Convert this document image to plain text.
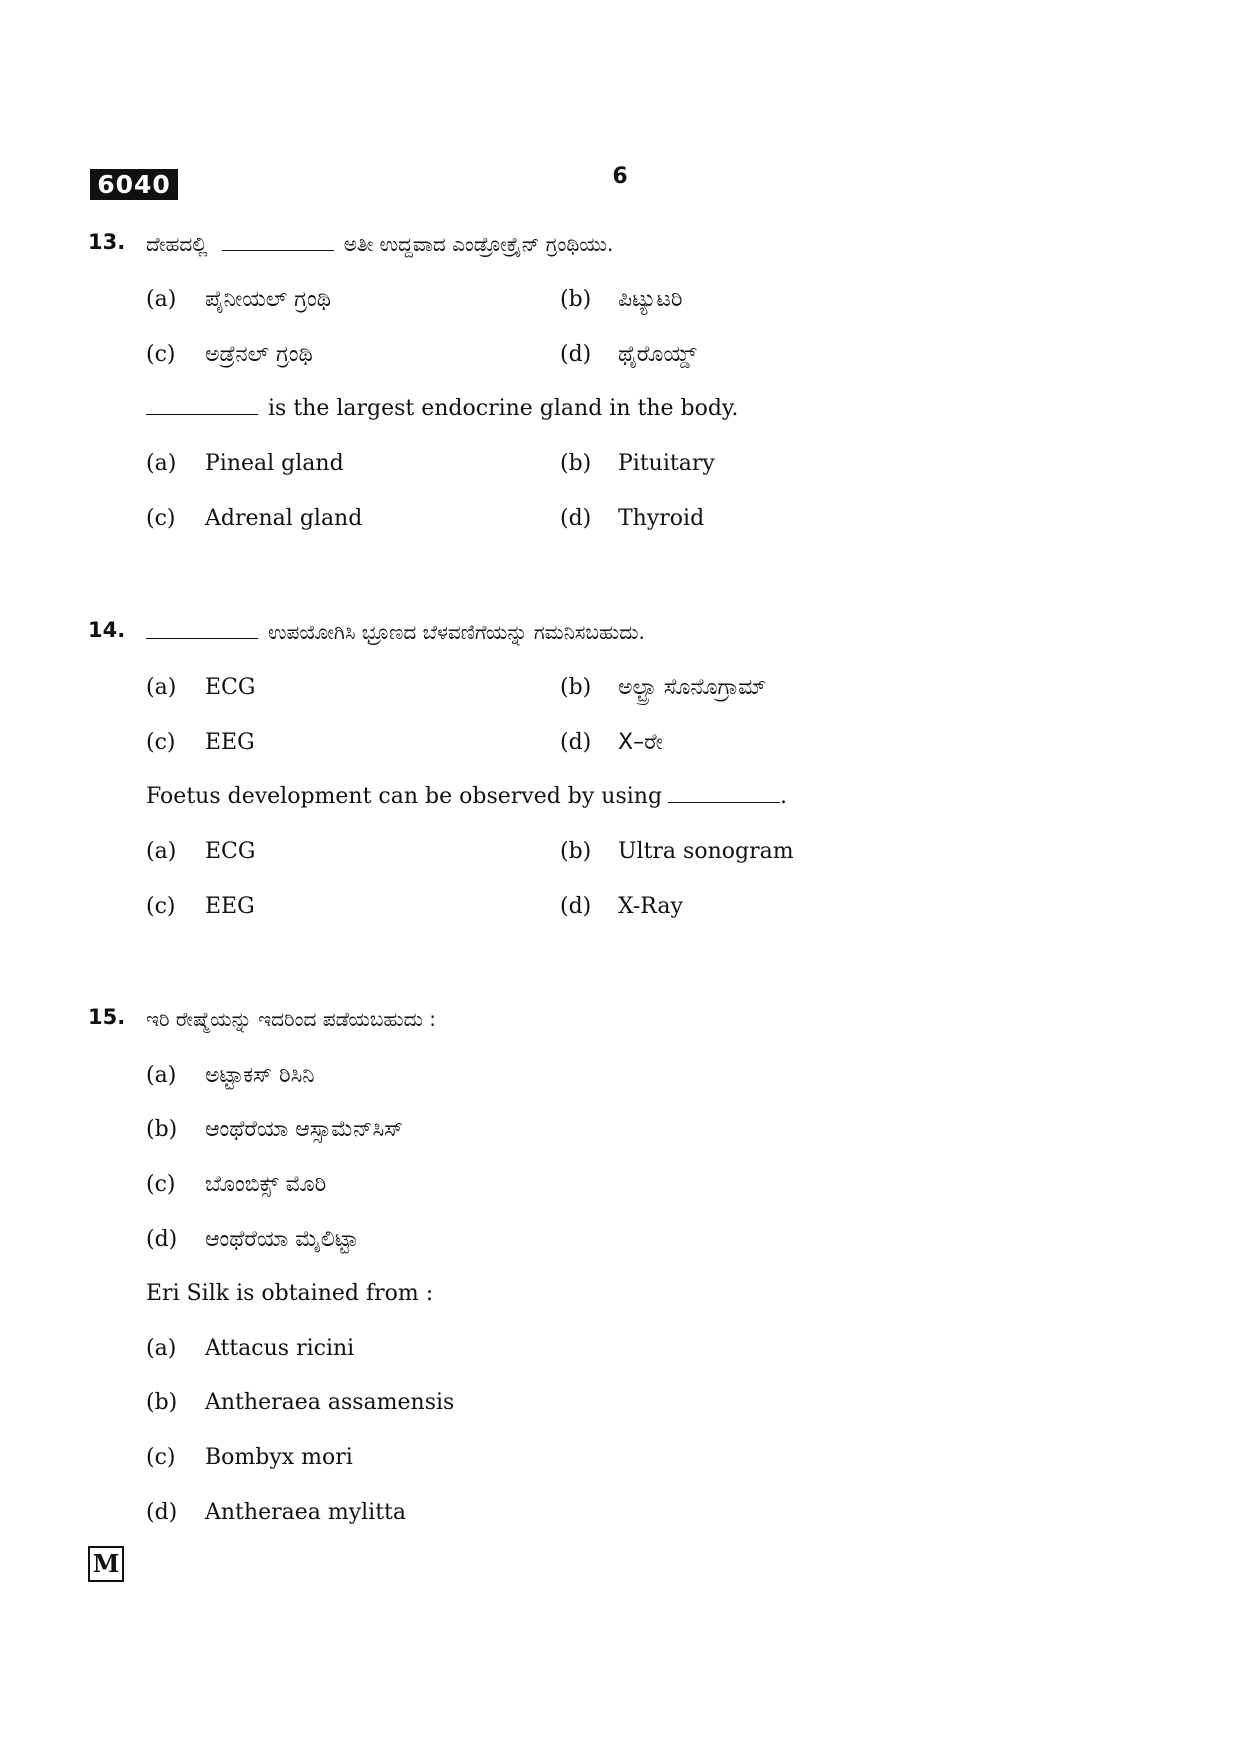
6040	6
13. ದೇಹದಲ್ಲಿ	ಅತೀ ಉದ್ದವಾದ ಎಂಡ್ರೋಕ್ರೈನ್ ಗ್ರಂಥಿಯು.
(a) ಪೈನೀಯಲ್ ಗ್ರಂಥಿ	(b) ಪಿಟ್ಯುಟರಿ
(c) ಅಡ್ರೆನಲ್ ಗ್ರಂಥಿ	(d) ಥೈರೊಯ್ಡ್
is the largest endocrine gland in the body.
(a) Pineal gland	(b) Pituitary
(c) Adrenal gland	(d) Thyroid
14.	ಉಪಯೋಗಿಸಿ ಭ್ರೂಣದ ಬೆಳವಣಿಗೆಯನ್ನು ಗಮನಿಸಬಹುದು.
(a) ECG	(b) ಅಲ್ಟ್ರಾ ಸೊನೊಗ್ರಾಮ್
(c) EEG	(d) X–ರೇ
Foetus development can be observed by using	.
(a) ECG	(b) Ultra sonogram
(c) EEG	(d) X-Ray
15. ಇರಿ ರೇಷ್ಮೆಯನ್ನು ಇದರಿಂದ ಪಡೆಯಬಹುದು :
(a) ಅಟ್ಟಾಕಸ್ ರಿಸಿನಿ
(b) ಆಂಥೆರೆಯಾ ಆಸ್ಸಾಮೆನ್‌ಸಿಸ್
(c) ಬೊಂಬಿಕ್ಸ್ ಮೊರಿ
(d) ಆಂಥೆರೆಯಾ ಮೈಲಿಟ್ಟಾ
Eri Silk is obtained from :
(a) Attacus ricini
(b) Antheraea assamensis
(c) Bombyx mori
(d) Antheraea mylitta
M
